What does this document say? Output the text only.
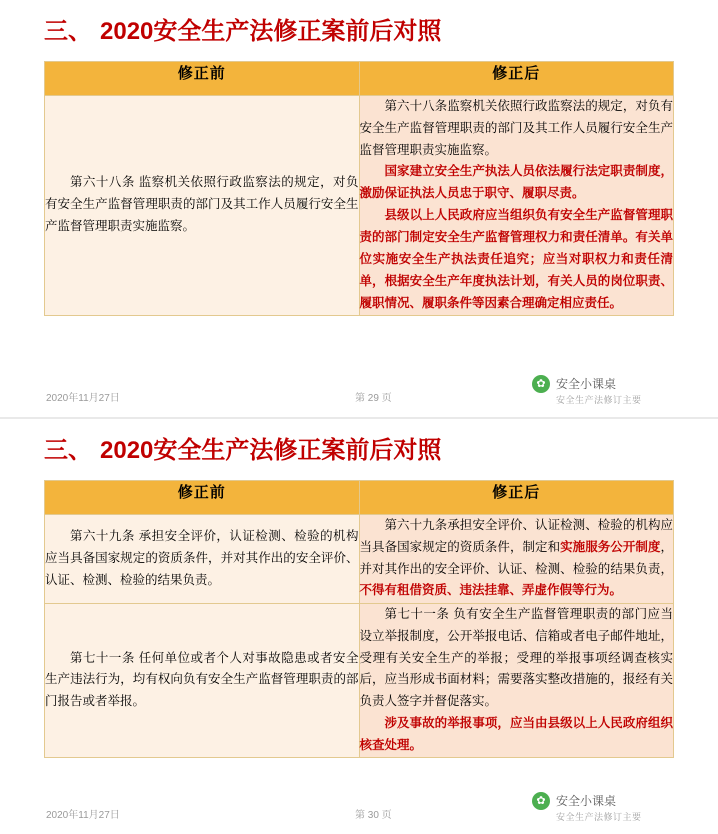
三、 2020安全生产法修正案前后对照
修正前	修正后

第六十八条 监察机关依照行政监察法的规定，对负有安全生产监督管理职责的部门及其工作人员履行安全生产监督管理职责实施监察。	第六十八条监察机关依照行政监察法的规定，对负有安全生产监督管理职责的部门及其工作人员履行安全生产监督管理职责实施监察。
国家建立安全生产执法人员依法履行法定职责制度，激励保证执法人员忠于职守、履职尽责。
县级以上人民政府应当组织负有安全生产监督管理职责的部门制定安全生产监督管理权力和责任清单。有关单位实施安全生产执法责任追究；应当对职权力和责任清单，根据安全生产年度执法计划，有关人员的岗位职责、履职情况、履职条件等因素合理确定相应责任。
2020年11月27日	第 29 页
✿ 安全小课桌
安全生产法修订主要
三、 2020安全生产法修正案前后对照
修正前	修正后

第六十九条 承担安全评价，认证检测、检验的机构应当具备国家规定的资质条件，并对其作出的安全评价、认证、检测、检验的结果负责。	第六十九条承担安全评价、认证检测、检验的机构应当具备国家规定的资质条件，制定和实施服务公开制度，并对其作出的安全评价、认证、检测、检验的结果负责，不得有租借资质、违法挂靠、弄虚作假等行为。

第七十一条 任何单位或者个人对事故隐患或者安全生产违法行为，均有权向负有安全生产监督管理职责的部门报告或者举报。	第七十一条 负有安全生产监督管理职责的部门应当设立举报制度，公开举报电话、信箱或者电子邮件地址，受理有关安全生产的举报；受理的举报事项经调查核实后，应当形成书面材料；需要落实整改措施的，报经有关负责人签字并督促落实。
涉及事故的举报事项，应当由县级以上人民政府组织核查处理。
2020年11月27日	第 30 页
✿ 安全小课桌
安全生产法修订主要
